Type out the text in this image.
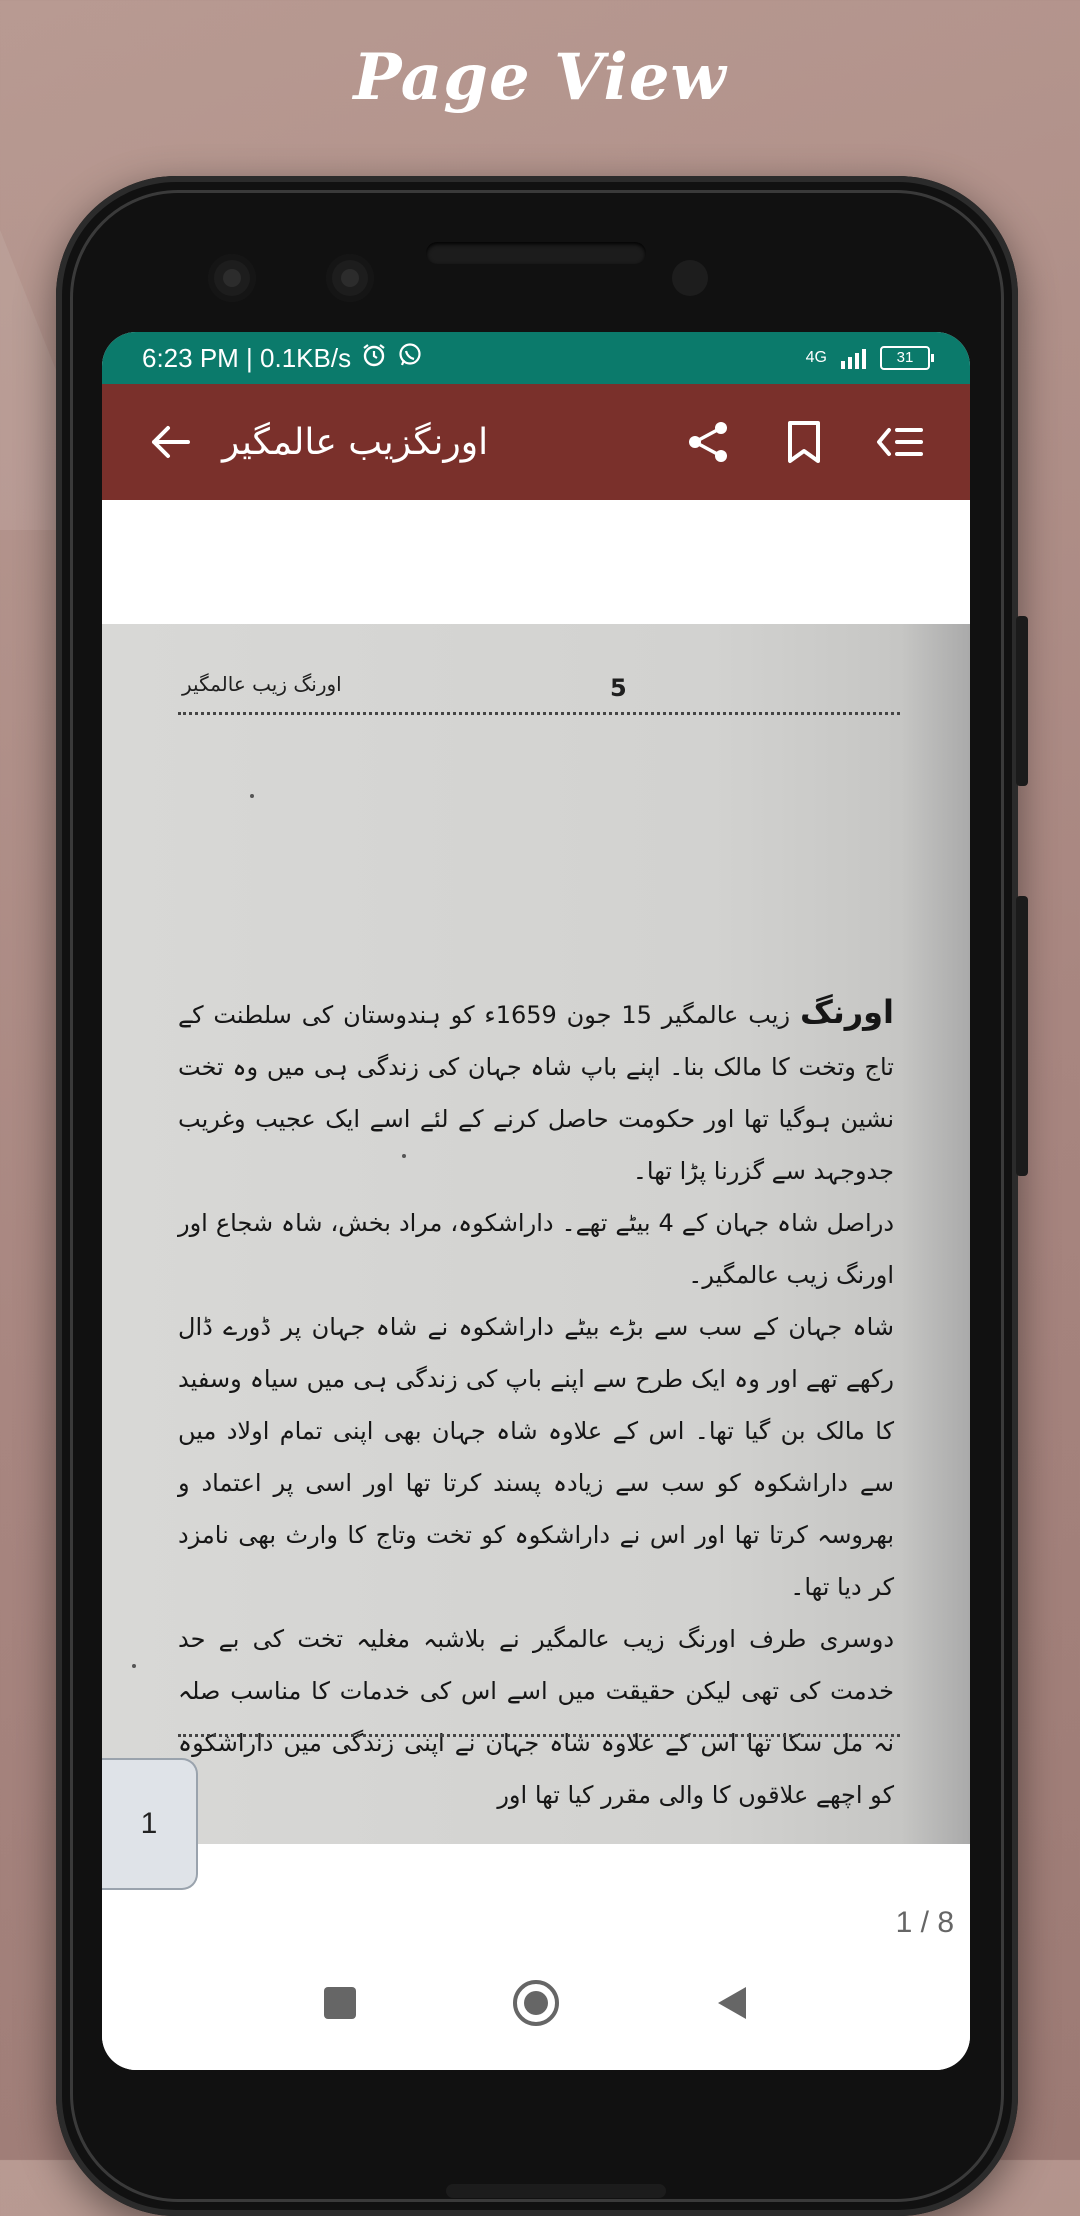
Page View
6:23 PM | 0.1KB/s	4G	31
اورنگزیب عالمگیر
اورنگ زیب عالمگیر	5

اورنگ زیب عالمگیر 15 جون 1659ء کو ہندوستان کی سلطنت کے تاج وتخت کا مالک بنا۔ اپنے باپ شاہ جہان کی زندگی ہی میں وہ تخت نشین ہوگیا تھا اور حکومت حاصل کرنے کے لئے اسے ایک عجیب وغریب جدوجہد سے گزرنا پڑا تھا۔

دراصل شاہ جہان کے 4 بیٹے تھے۔ داراشکوہ، مراد بخش، شاہ شجاع اور اورنگ زیب عالمگیر۔

شاہ جہان کے سب سے بڑے بیٹے داراشکوہ نے شاہ جہان پر ڈورے ڈال رکھے تھے اور وہ ایک طرح سے اپنے باپ کی زندگی ہی میں سیاہ وسفید کا مالک بن گیا تھا۔ اس کے علاوہ شاہ جہان بھی اپنی تمام اولاد میں سے داراشکوہ کو سب سے زیادہ پسند کرتا تھا اور اسی پر اعتماد و بھروسہ کرتا تھا اور اس نے داراشکوہ کو تخت وتاج کا وارث بھی نامزد کر دیا تھا۔

دوسری طرف اورنگ زیب عالمگیر نے بلاشبہ مغلیہ تخت کی بے حد خدمت کی تھی لیکن حقیقت میں اسے اس کی خدمات کا مناسب صلہ نہ مل سکا تھا اس کے علاوہ شاہ جہان نے اپنی زندگی میں داراشکوہ کو اچھے علاقوں کا والی مقرر کیا تھا اور

1
1 / 8
